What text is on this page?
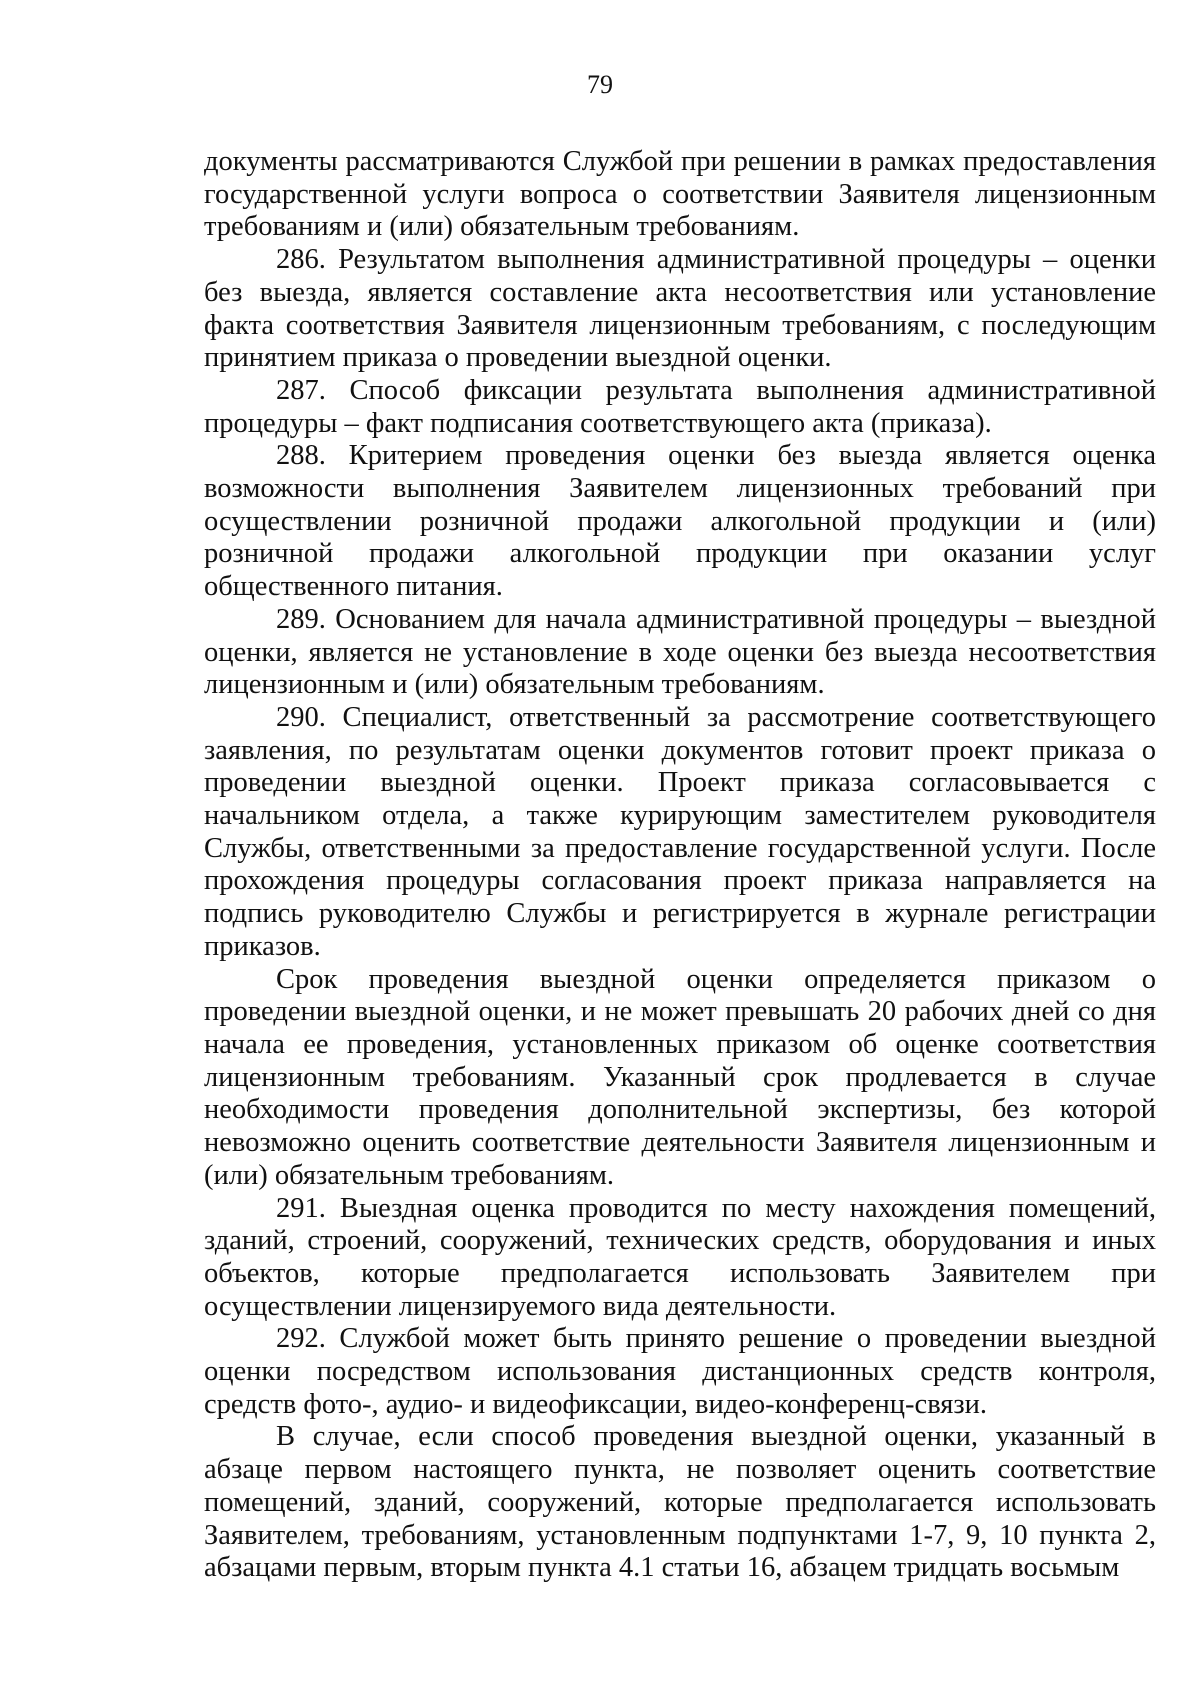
79

документы рассматриваются Службой при решении в рамках предоставления государственной услуги вопроса о соответствии Заявителя лицензионным требованиям и (или) обязательным требованиям.

286. Результатом выполнения административной процедуры – оценки без выезда, является составление акта несоответствия или установление факта соответствия Заявителя лицензионным требованиям, с последующим принятием приказа о проведении выездной оценки.

287. Способ фиксации результата выполнения административной процедуры – факт подписания соответствующего акта (приказа).

288. Критерием проведения оценки без выезда является оценка возможности выполнения Заявителем лицензионных требований при осуществлении розничной продажи алкогольной продукции и (или) розничной продажи алкогольной продукции при оказании услуг общественного питания.

289. Основанием для начала административной процедуры – выездной оценки, является не установление в ходе оценки без выезда несоответствия лицензионным и (или) обязательным требованиям.

290. Специалист, ответственный за рассмотрение соответствующего заявления, по результатам оценки документов готовит проект приказа о проведении выездной оценки. Проект приказа согласовывается с начальником отдела, а также курирующим заместителем руководителя Службы, ответственными за предоставление государственной услуги. После прохождения процедуры согласования проект приказа направляется на подпись руководителю Службы и регистрируется в журнале регистрации приказов.

Срок проведения выездной оценки определяется приказом о проведении выездной оценки, и не может превышать 20 рабочих дней со дня начала ее проведения, установленных приказом об оценке соответствия лицензионным требованиям. Указанный срок продлевается в случае необходимости проведения дополнительной экспертизы, без которой невозможно оценить соответствие деятельности Заявителя лицензионным и (или) обязательным требованиям.

291. Выездная оценка проводится по месту нахождения помещений, зданий, строений, сооружений, технических средств, оборудования и иных объектов, которые предполагается использовать Заявителем при осуществлении лицензируемого вида деятельности.

292. Службой может быть принято решение о проведении выездной оценки посредством использования дистанционных средств контроля, средств фото-, аудио- и видеофиксации, видео-конференц-связи.

В случае, если способ проведения выездной оценки, указанный в абзаце первом настоящего пункта, не позволяет оценить соответствие помещений, зданий, сооружений, которые предполагается использовать Заявителем, требованиям, установленным подпунктами 1-7, 9, 10 пункта 2, абзацами первым, вторым пункта 4.1 статьи 16, абзацем тридцать восьмым
